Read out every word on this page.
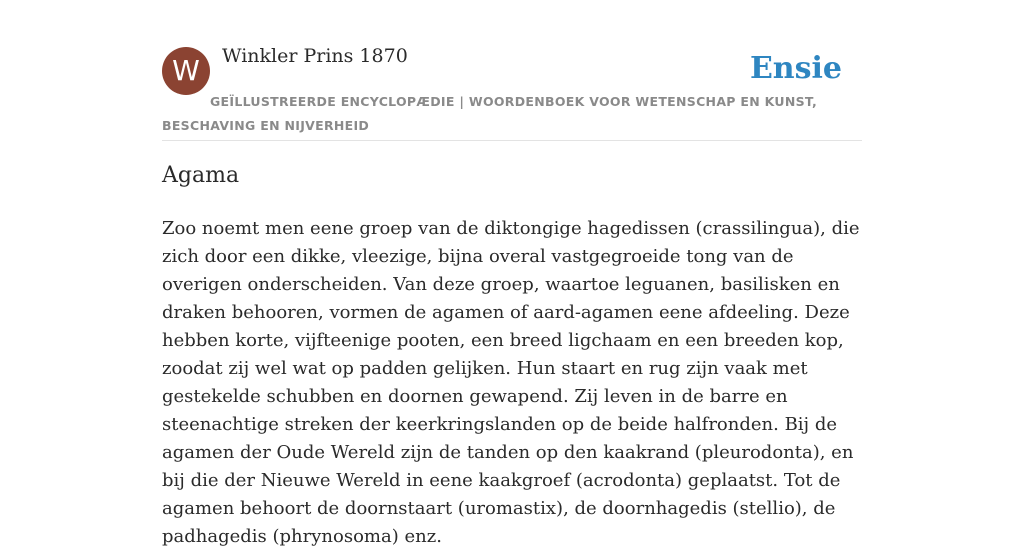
W	Winkler Prins 1870	Ensie
GEÏLLUSTREERDE ENCYCLOPÆDIE | WOORDENBOEK VOOR WETENSCHAP EN KUNST, BESCHAVING EN NIJVERHEID
Agama

Zoo noemt men eene groep van de diktongige hagedissen (crassilingua), die zich door een dikke, vleezige, bijna overal vastgegroeide tong van de overigen onderscheiden. Van deze groep, waartoe leguanen, basilisken en draken behooren, vormen de agamen of aard-agamen eene afdeeling. Deze hebben korte, vijfteenige pooten, een breed ligchaam en een breeden kop, zoodat zij wel wat op padden gelijken. Hun staart en rug zijn vaak met gestekelde schubben en doornen gewapend. Zij leven in de barre en steenachtige streken der keerkringslanden op de beide halfronden. Bij de agamen der Oude Wereld zijn de tanden op den kaakrand (pleurodonta), en bij die der Nieuwe Wereld in eene kaakgroef (acrodonta) geplaatst. Tot de agamen behoort de doornstaart (uromastix), de doornhagedis (stellio), de padhagedis (phrynosoma) enz.
